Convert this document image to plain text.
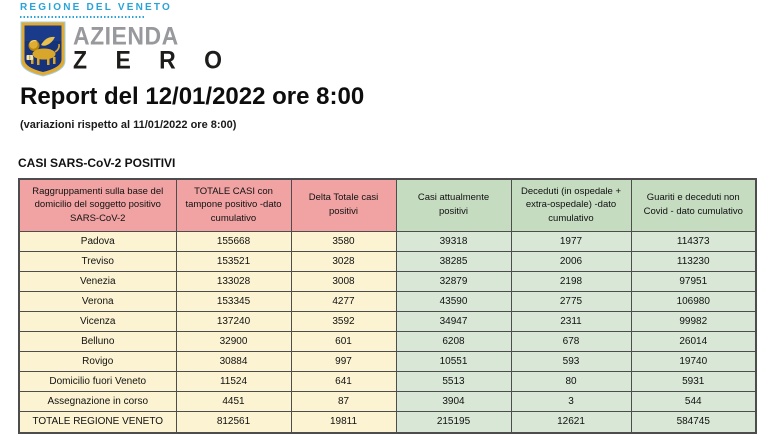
REGIONE DEL VENETO
AZIENDA
Z E R O
Report del 12/01/2022 ore 8:00
(variazioni rispetto al 11/01/2022 ore 8:00)
CASI SARS-CoV-2 POSITIVI
Raggruppamenti sulla base del domicilio del soggetto positivo SARS-CoV-2	TOTALE CASI con tampone positivo -dato cumulativo	Delta Totale casi positivi	Casi attualmente positivi	Deceduti (in ospedale + extra-ospedale) -dato cumulativo	Guariti e deceduti non Covid - dato cumulativo
Padova	155668	3580	39318	1977	114373
Treviso	153521	3028	38285	2006	113230
Venezia	133028	3008	32879	2198	97951
Verona	153345	4277	43590	2775	106980
Vicenza	137240	3592	34947	2311	99982
Belluno	32900	601	6208	678	26014
Rovigo	30884	997	10551	593	19740
Domicilio fuori Veneto	11524	641	5513	80	5931
Assegnazione in corso	4451	87	3904	3	544
TOTALE REGIONE VENETO	812561	19811	215195	12621	584745
